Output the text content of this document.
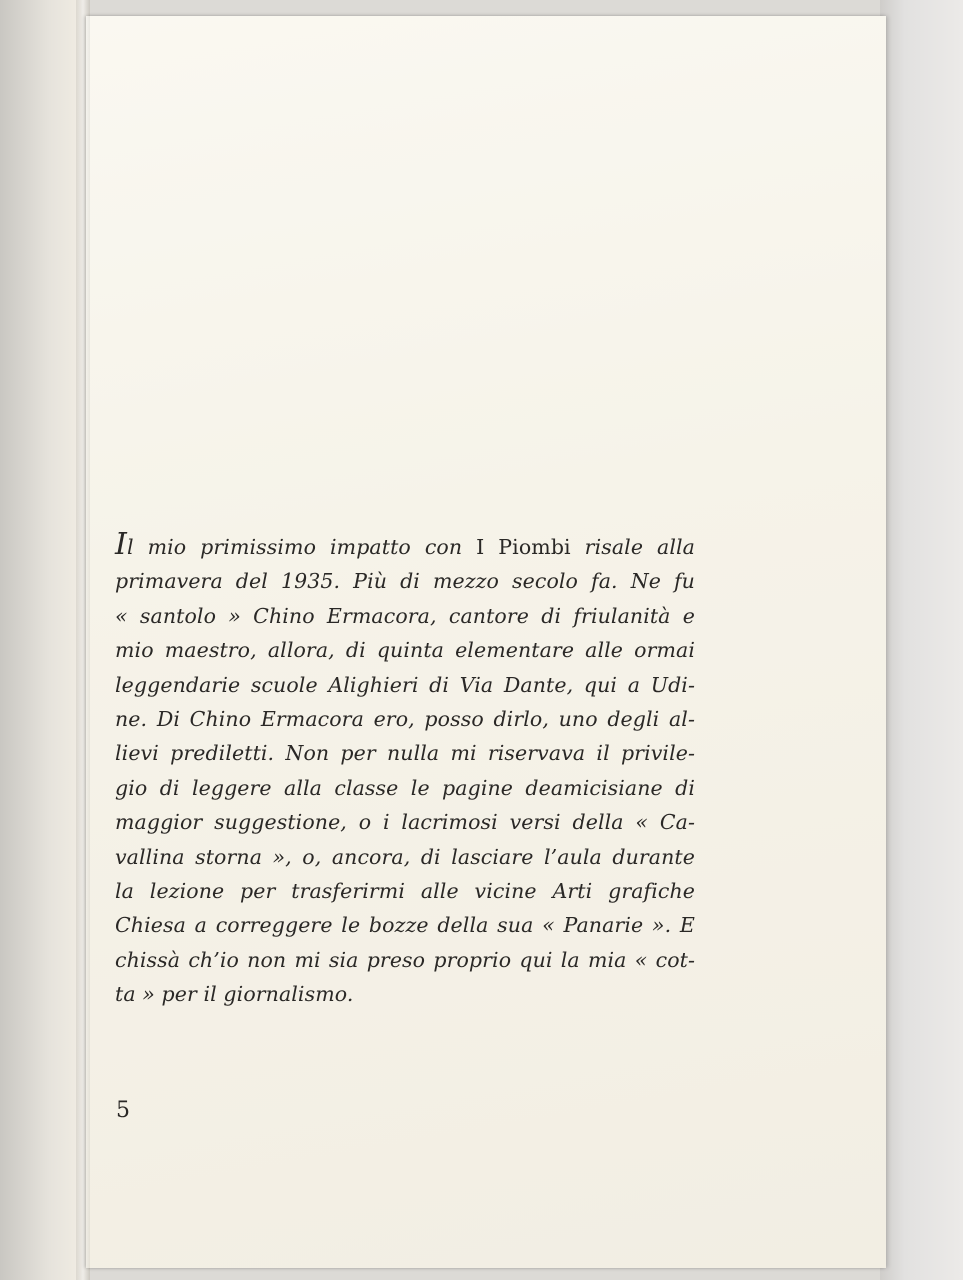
Il mio primissimo impatto con I Piombi risale alla
primavera del 1935. Più di mezzo secolo fa. Ne fu
« santolo » Chino Ermacora, cantore di friulanità e
mio maestro, allora, di quinta elementare alle ormai
leggendarie scuole Alighieri di Via Dante, qui a Udi-
ne. Di Chino Ermacora ero, posso dirlo, uno degli al-
lievi prediletti. Non per nulla mi riservava il privile-
gio di leggere alla classe le pagine deamicisiane di
maggior suggestione, o i lacrimosi versi della « Ca-
vallina storna », o, ancora, di lasciare l’aula durante
la lezione per trasferirmi alle vicine Arti grafiche
Chiesa a correggere le bozze della sua « Panarie ». E
chissà ch’io non mi sia preso proprio qui la mia « cot-
ta » per il giornalismo.

5
